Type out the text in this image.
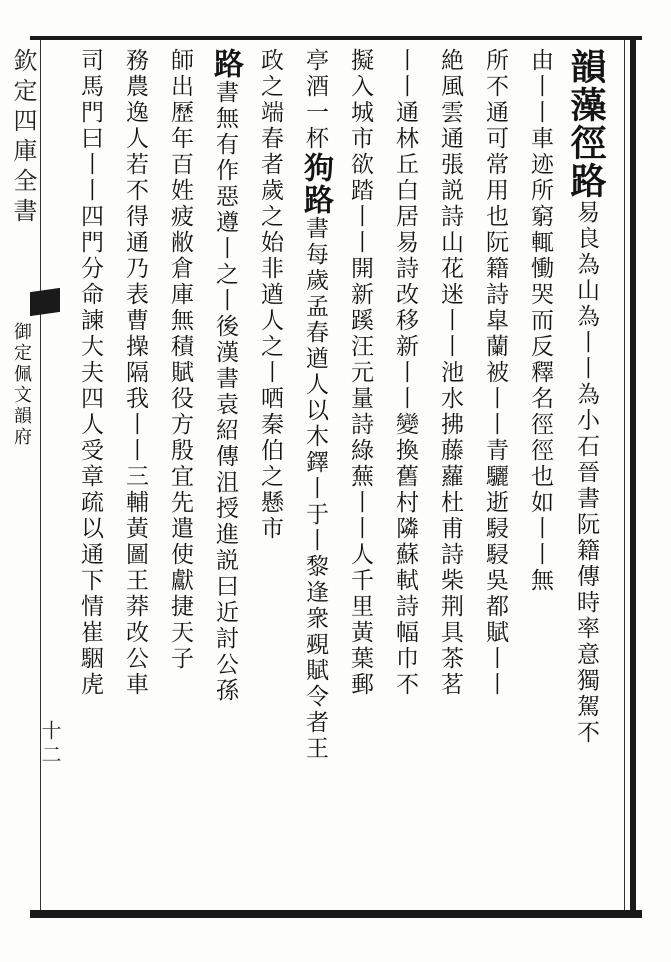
欽定四庫全書
御定佩文韻府
十二
韻藻徑路易良為山為丨丨為小石晉書阮籍傳時率意獨駕不
由丨丨車迹所窮輒慟哭而反釋名徑徑也如丨丨無
所不通可常用也阮籍詩皐蘭被丨丨青驪逝駸駸吳都賦丨丨
絶風雲通張説詩山花迷丨丨池水拂藤蘿杜甫詩柴荆具茶茗
丨丨通林丘白居易詩改移新丨丨變換舊村隣蘇軾詩幅巾不
擬入城市欲踏丨丨開新蹊汪元量詩綠蕪丨丨人千里黃葉郵
亭酒一杯狗路書每歲孟春遒人以木鐸丨于丨黎逢衆覡賦令者王
政之端春者歲之始非遒人之丨哂秦伯之懸市
路書無有作惡遵丨之丨後漢書袁紹傳沮授進説曰近討公孫
師出歷年百姓疲敝倉庫無積賦役方殷宜先遣使獻捷天子
務農逸人若不得通乃表曹操隔我丨丨三輔黃圖王莽改公車
司馬門曰丨丨四門分命諫大夫四人受章疏以通下情崔駰虎
